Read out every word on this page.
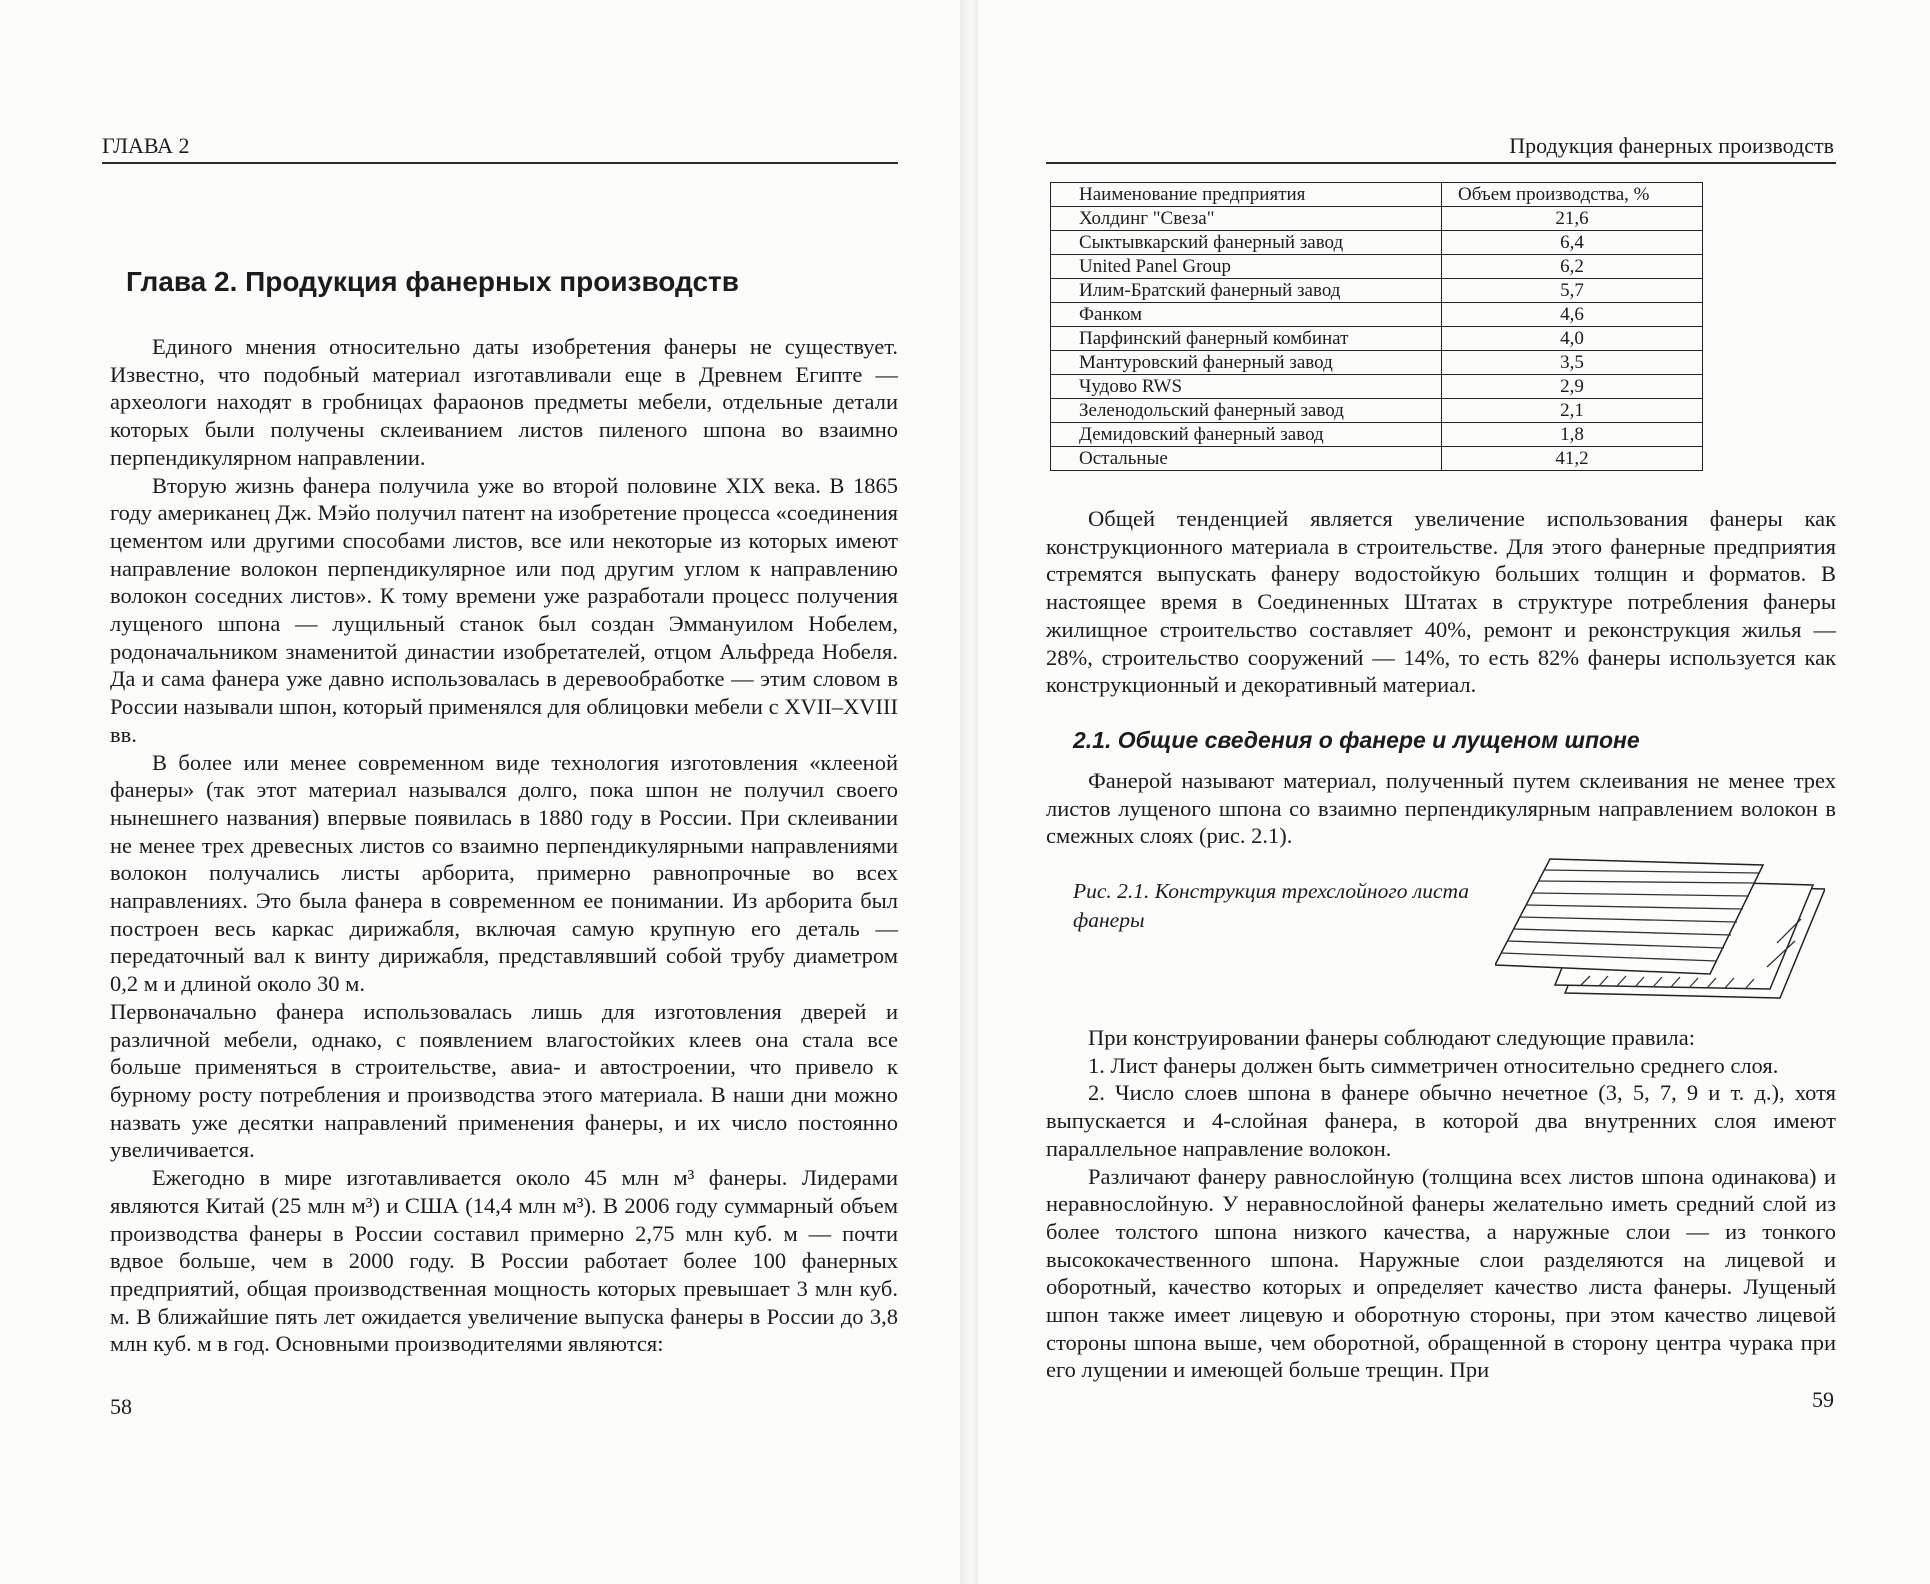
ГЛАВА 2
Глава 2. Продукция фанерных производств

Единого мнения относительно даты изобретения фанеры не существует. Известно, что подобный материал изготавливали еще в Древнем Египте — археологи находят в гробницах фараонов предметы мебели, отдельные детали которых были получены склеиванием листов пиленого шпона во взаимно перпендикулярном направлении.

Вторую жизнь фанера получила уже во второй половине XIX века. В 1865 году американец Дж. Мэйо получил патент на изобретение процесса «соединения цементом или другими способами листов, все или некоторые из которых имеют направление волокон перпендикулярное или под другим углом к направлению волокон соседних листов». К тому времени уже разработали процесс получения лущеного шпона — лущильный станок был создан Эммануилом Нобелем, родоначальником знаменитой династии изобретателей, отцом Альфреда Нобеля. Да и сама фанера уже давно использовалась в деревообработке — этим словом в России называли шпон, который применялся для облицовки мебели с XVII–XVIII вв.

В более или менее современном виде технология изготовления «клееной фанеры» (так этот материал назывался долго, пока шпон не получил своего нынешнего названия) впервые появилась в 1880 году в России. При склеивании не менее трех древесных листов со взаимно перпендикулярными направлениями волокон получались листы арборита, примерно равнопрочные во всех направлениях. Это была фанера в современном ее понимании. Из арборита был построен весь каркас дирижабля, включая самую крупную его деталь — передаточный вал к винту дирижабля, представлявший собой трубу диаметром 0,2 м и длиной около 30 м.

Первоначально фанера использовалась лишь для изготовления дверей и различной мебели, однако, с появлением влагостойких клеев она стала все больше применяться в строительстве, авиа- и автостроении, что привело к бурному росту потребления и производства этого материала. В наши дни можно назвать уже десятки направлений применения фанеры, и их число постоянно увеличивается.

Ежегодно в мире изготавливается около 45 млн м³ фанеры. Лидерами являются Китай (25 млн м³) и США (14,4 млн м³). В 2006 году суммарный объем производства фанеры в России составил примерно 2,75 млн куб. м — почти вдвое больше, чем в 2000 году. В России работает более 100 фанерных предприятий, общая производственная мощность которых превышает 3 млн куб. м. В ближайшие пять лет ожидается увеличение выпуска фанеры в России до 3,8 млн куб. м в год. Основными производителями являются:

58
Продукция фанерных производств
Наименование предприятия	Объем производства, %
Холдинг "Свеза"	21,6
Сыктывкарский фанерный завод	6,4
United Panel Group	6,2
Илим-Братский фанерный завод	5,7
Фанком	4,6
Парфинский фанерный комбинат	4,0
Мантуровский фанерный завод	3,5
Чудово RWS	2,9
Зеленодольский фанерный завод	2,1
Демидовский фанерный завод	1,8
Остальные	41,2

Общей тенденцией является увеличение использования фанеры как конструкционного материала в строительстве. Для этого фанерные предприятия стремятся выпускать фанеру водостойкую больших толщин и форматов. В настоящее время в Соединенных Штатах в структуре потребления фанеры жилищное строительство составляет 40%, ремонт и реконструкция жилья — 28%, строительство сооружений — 14%, то есть 82% фанеры используется как конструкционный и декоративный материал.

2.1. Общие сведения о фанере и лущеном шпоне

Фанерой называют материал, полученный путем склеивания не менее трех листов лущеного шпона со взаимно перпендикулярным направлением волокон в смежных слоях (рис. 2.1).

Рис. 2.1. Конструкция трехслойного листа фанеры

При конструировании фанеры соблюдают следующие правила:

1. Лист фанеры должен быть симметричен относительно среднего слоя.

2. Число слоев шпона в фанере обычно нечетное (3, 5, 7, 9 и т. д.), хотя выпускается и 4-слойная фанера, в которой два внутренних слоя имеют параллельное направление волокон.

Различают фанеру равнослойную (толщина всех листов шпона одинакова) и неравнослойную. У неравнослойной фанеры желательно иметь средний слой из более толстого шпона низкого качества, а наружные слои — из тонкого высококачественного шпона. Наружные слои разделяются на лицевой и оборотный, качество которых и определяет качество листа фанеры. Лущеный шпон также имеет лицевую и оборотную стороны, при этом качество лицевой стороны шпона выше, чем оборотной, обращенной в сторону центра чурака при его лущении и имеющей больше трещин. При

59
